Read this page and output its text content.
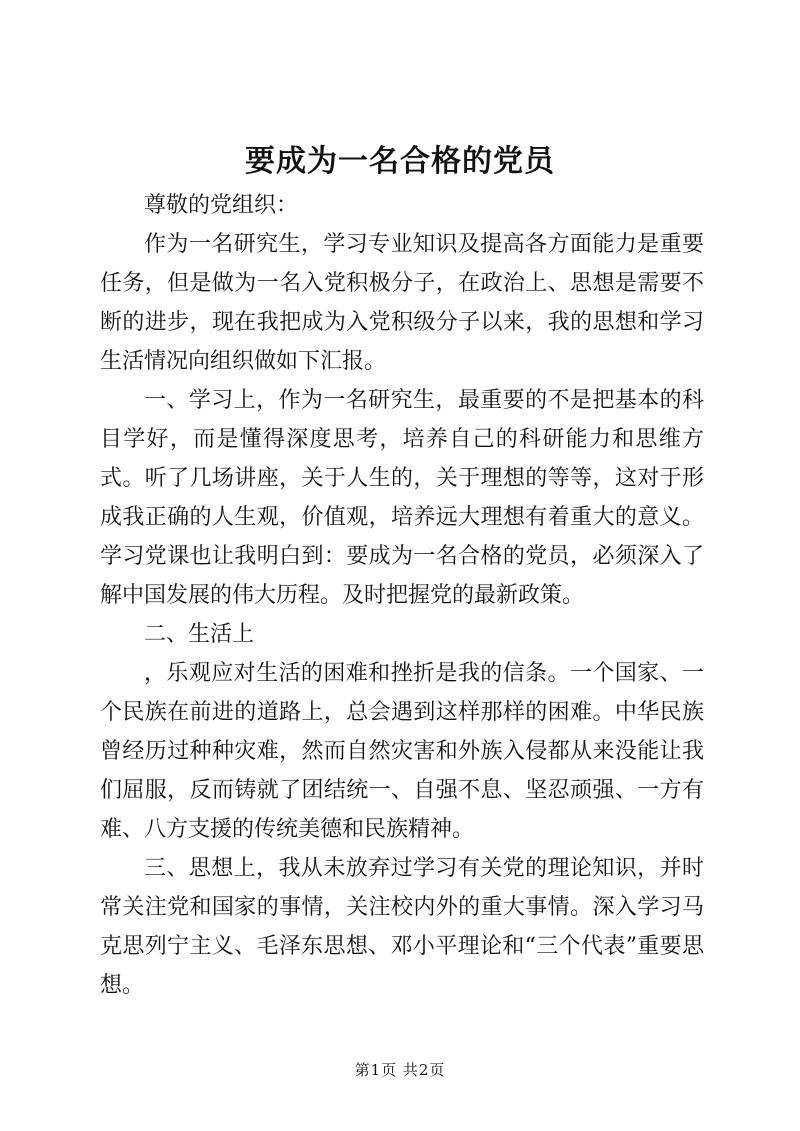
要成为一名合格的党员

尊敬的党组织：

作为一名研究生，学习专业知识及提高各方面能力是重要任务，但是做为一名入党积极分子，在政治上、思想是需要不断的进步，现在我把成为入党积级分子以来，我的思想和学习生活情况向组织做如下汇报。

一、学习上，作为一名研究生，最重要的不是把基本的科目学好，而是懂得深度思考，培养自己的科研能力和思维方式。听了几场讲座，关于人生的，关于理想的等等，这对于形成我正确的人生观，价值观，培养远大理想有着重大的意义。学习党课也让我明白到：要成为一名合格的党员，必须深入了解中国发展的伟大历程。及时把握党的最新政策。

二、生活上

，乐观应对生活的困难和挫折是我的信条。一个国家、一个民族在前进的道路上，总会遇到这样那样的困难。中华民族曾经历过种种灾难，然而自然灾害和外族入侵都从来没能让我们屈服，反而铸就了团结统一、自强不息、坚忍顽强、一方有难、八方支援的传统美德和民族精神。

三、思想上，我从未放弃过学习有关党的理论知识，并时常关注党和国家的事情，关注校内外的重大事情。深入学习马克思列宁主义、毛泽东思想、邓小平理论和“三个代表”重要思想。

第1页 共2页
